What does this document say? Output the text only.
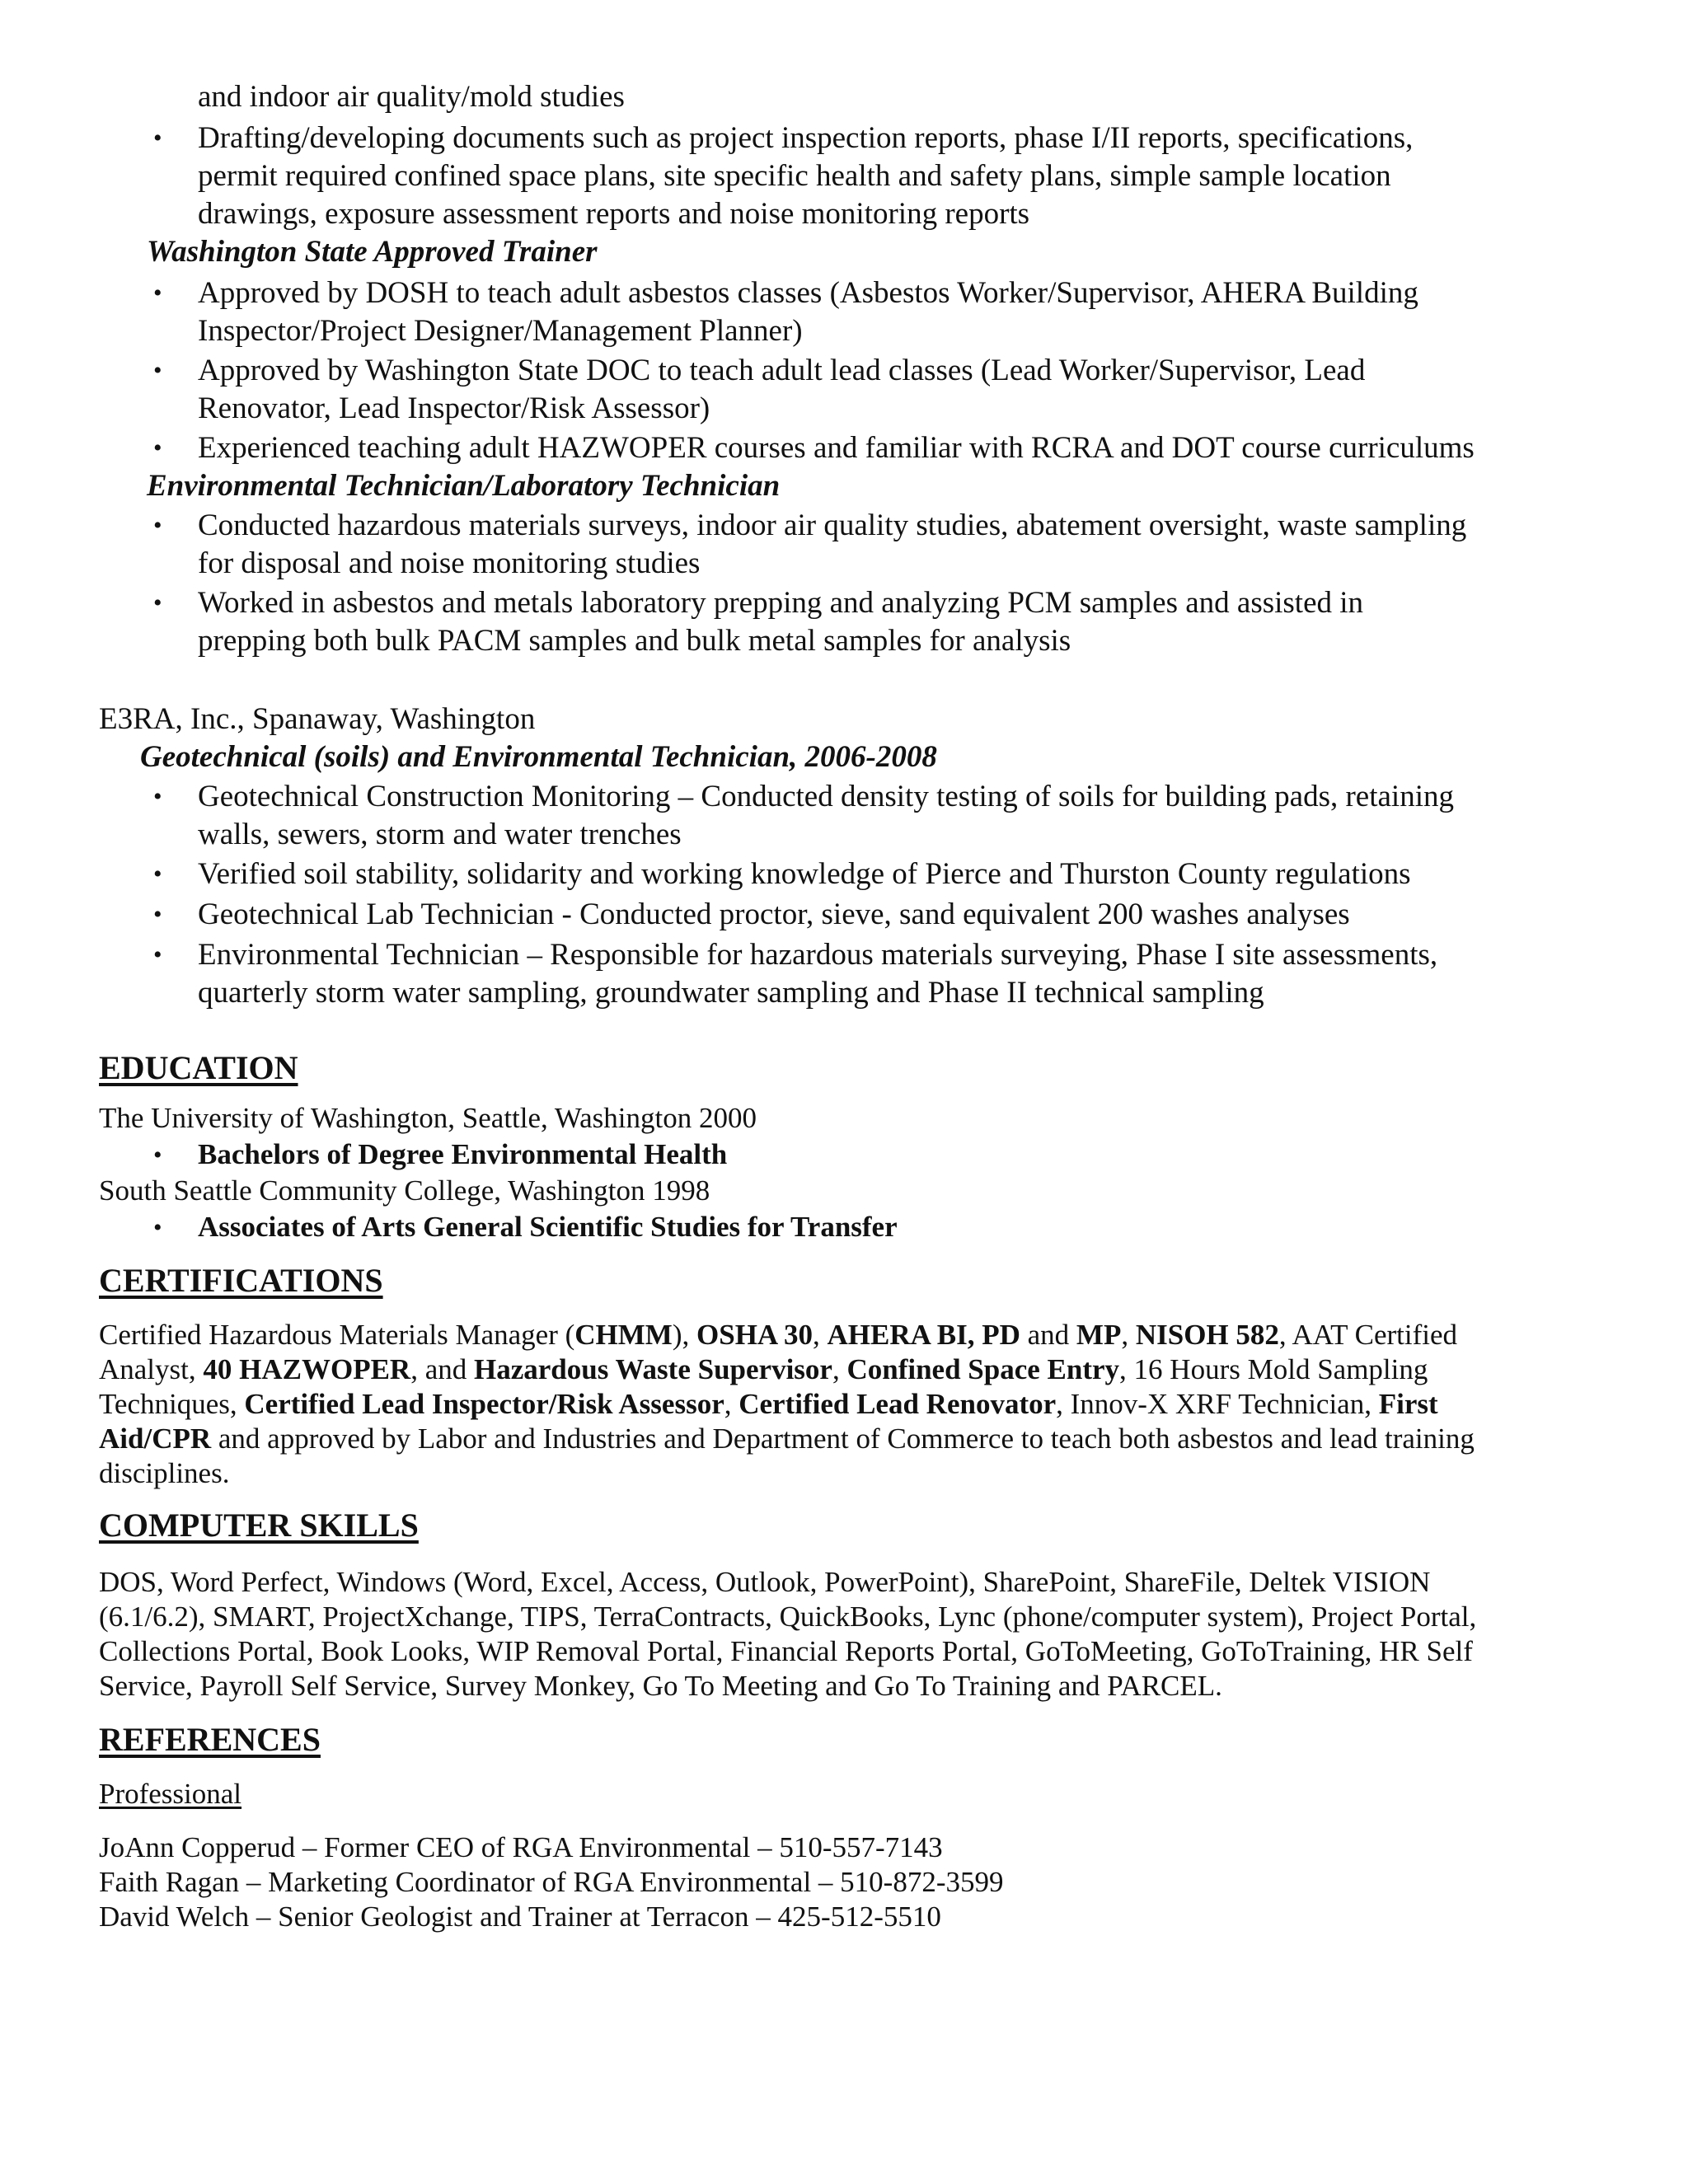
and indoor air quality/mold studies
• Drafting/developing documents such as project inspection reports, phase I/II reports, specifications,
permit required confined space plans, site specific health and safety plans, simple sample location
drawings, exposure assessment reports and noise monitoring reports
Washington State Approved Trainer
• Approved by DOSH to teach adult asbestos classes (Asbestos Worker/Supervisor, AHERA Building
Inspector/Project Designer/Management Planner)
• Approved by Washington State DOC to teach adult lead classes (Lead Worker/Supervisor, Lead
Renovator, Lead Inspector/Risk Assessor)
• Experienced teaching adult HAZWOPER courses and familiar with RCRA and DOT course curriculums
Environmental Technician/Laboratory Technician
• Conducted hazardous materials surveys, indoor air quality studies, abatement oversight, waste sampling
for disposal and noise monitoring studies
• Worked in asbestos and metals laboratory prepping and analyzing PCM samples and assisted in
prepping both bulk PACM samples and bulk metal samples for analysis
E3RA, Inc., Spanaway, Washington
Geotechnical (soils) and Environmental Technician, 2006-2008
• Geotechnical Construction Monitoring – Conducted density testing of soils for building pads, retaining
walls, sewers, storm and water trenches
• Verified soil stability, solidarity and working knowledge of Pierce and Thurston County regulations
• Geotechnical Lab Technician - Conducted proctor, sieve, sand equivalent 200 washes analyses
• Environmental Technician – Responsible for hazardous materials surveying, Phase I site assessments,
quarterly storm water sampling, groundwater sampling and Phase II technical sampling
EDUCATION
The University of Washington, Seattle, Washington 2000
• Bachelors of Degree Environmental Health
South Seattle Community College, Washington 1998
• Associates of Arts General Scientific Studies for Transfer
CERTIFICATIONS
Certified Hazardous Materials Manager (CHMM), OSHA 30, AHERA BI, PD and MP, NISOH 582, AAT Certified
Analyst, 40 HAZWOPER, and Hazardous Waste Supervisor, Confined Space Entry, 16 Hours Mold Sampling
Techniques, Certified Lead Inspector/Risk Assessor, Certified Lead Renovator, Innov-X XRF Technician, First
Aid/CPR and approved by Labor and Industries and Department of Commerce to teach both asbestos and lead training
disciplines.
COMPUTER SKILLS
DOS, Word Perfect, Windows (Word, Excel, Access, Outlook, PowerPoint), SharePoint, ShareFile, Deltek VISION
(6.1/6.2), SMART, ProjectXchange, TIPS, TerraContracts, QuickBooks, Lync (phone/computer system), Project Portal,
Collections Portal, Book Looks, WIP Removal Portal, Financial Reports Portal, GoToMeeting, GoToTraining, HR Self
Service, Payroll Self Service, Survey Monkey, Go To Meeting and Go To Training and PARCEL.
REFERENCES
Professional
JoAnn Copperud – Former CEO of RGA Environmental – 510-557-7143
Faith Ragan – Marketing Coordinator of RGA Environmental – 510-872-3599
David Welch – Senior Geologist and Trainer at Terracon – 425-512-5510
